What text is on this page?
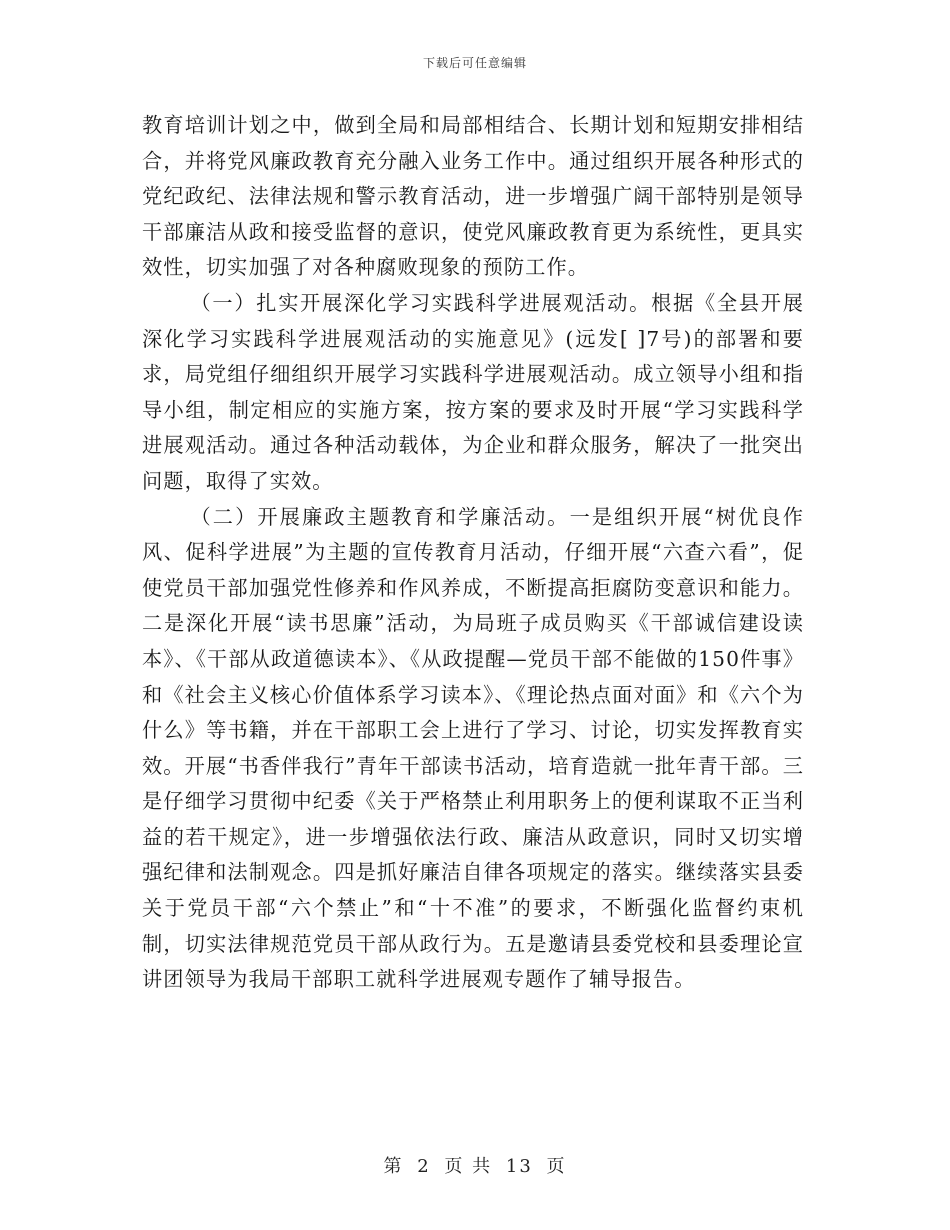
下载后可任意编辑

教育培训计划之中，做到全局和局部相结合、长期计划和短期安排相结合，并将党风廉政教育充分融入业务工作中。通过组织开展各种形式的党纪政纪、法律法规和警示教育活动，进一步增强广阔干部特别是领导干部廉洁从政和接受监督的意识，使党风廉政教育更为系统性，更具实效性，切实加强了对各种腐败现象的预防工作。

（一）扎实开展深化学习实践科学进展观活动。根据《全县开展深化学习实践科学进展观活动的实施意见》(远发[ ]7号)的部署和要求，局党组仔细组织开展学习实践科学进展观活动。成立领导小组和指导小组，制定相应的实施方案，按方案的要求及时开展“学习实践科学进展观活动。通过各种活动载体，为企业和群众服务，解决了一批突出问题，取得了实效。

（二）开展廉政主题教育和学廉活动。一是组织开展“树优良作风、促科学进展”为主题的宣传教育月活动，仔细开展“六查六看”，促使党员干部加强党性修养和作风养成，不断提高拒腐防变意识和能力。二是深化开展“读书思廉”活动，为局班子成员购买《干部诚信建设读本》、《干部从政道德读本》、《从政提醒—党员干部不能做的150件事》和《社会主义核心价值体系学习读本》、《理论热点面对面》和《六个为什么》等书籍，并在干部职工会上进行了学习、讨论，切实发挥教育实效。开展“书香伴我行”青年干部读书活动，培育造就一批年青干部。三是仔细学习贯彻中纪委《关于严格禁止利用职务上的便利谋取不正当利益的若干规定》，进一步增强依法行政、廉洁从政意识，同时又切实增强纪律和法制观念。四是抓好廉洁自律各项规定的落实。继续落实县委关于党员干部“六个禁止”和“十不准”的要求，不断强化监督约束机制，切实法律规范党员干部从政行为。五是邀请县委党校和县委理论宣讲团领导为我局干部职工就科学进展观专题作了辅导报告。

第 2 页 共 13 页
